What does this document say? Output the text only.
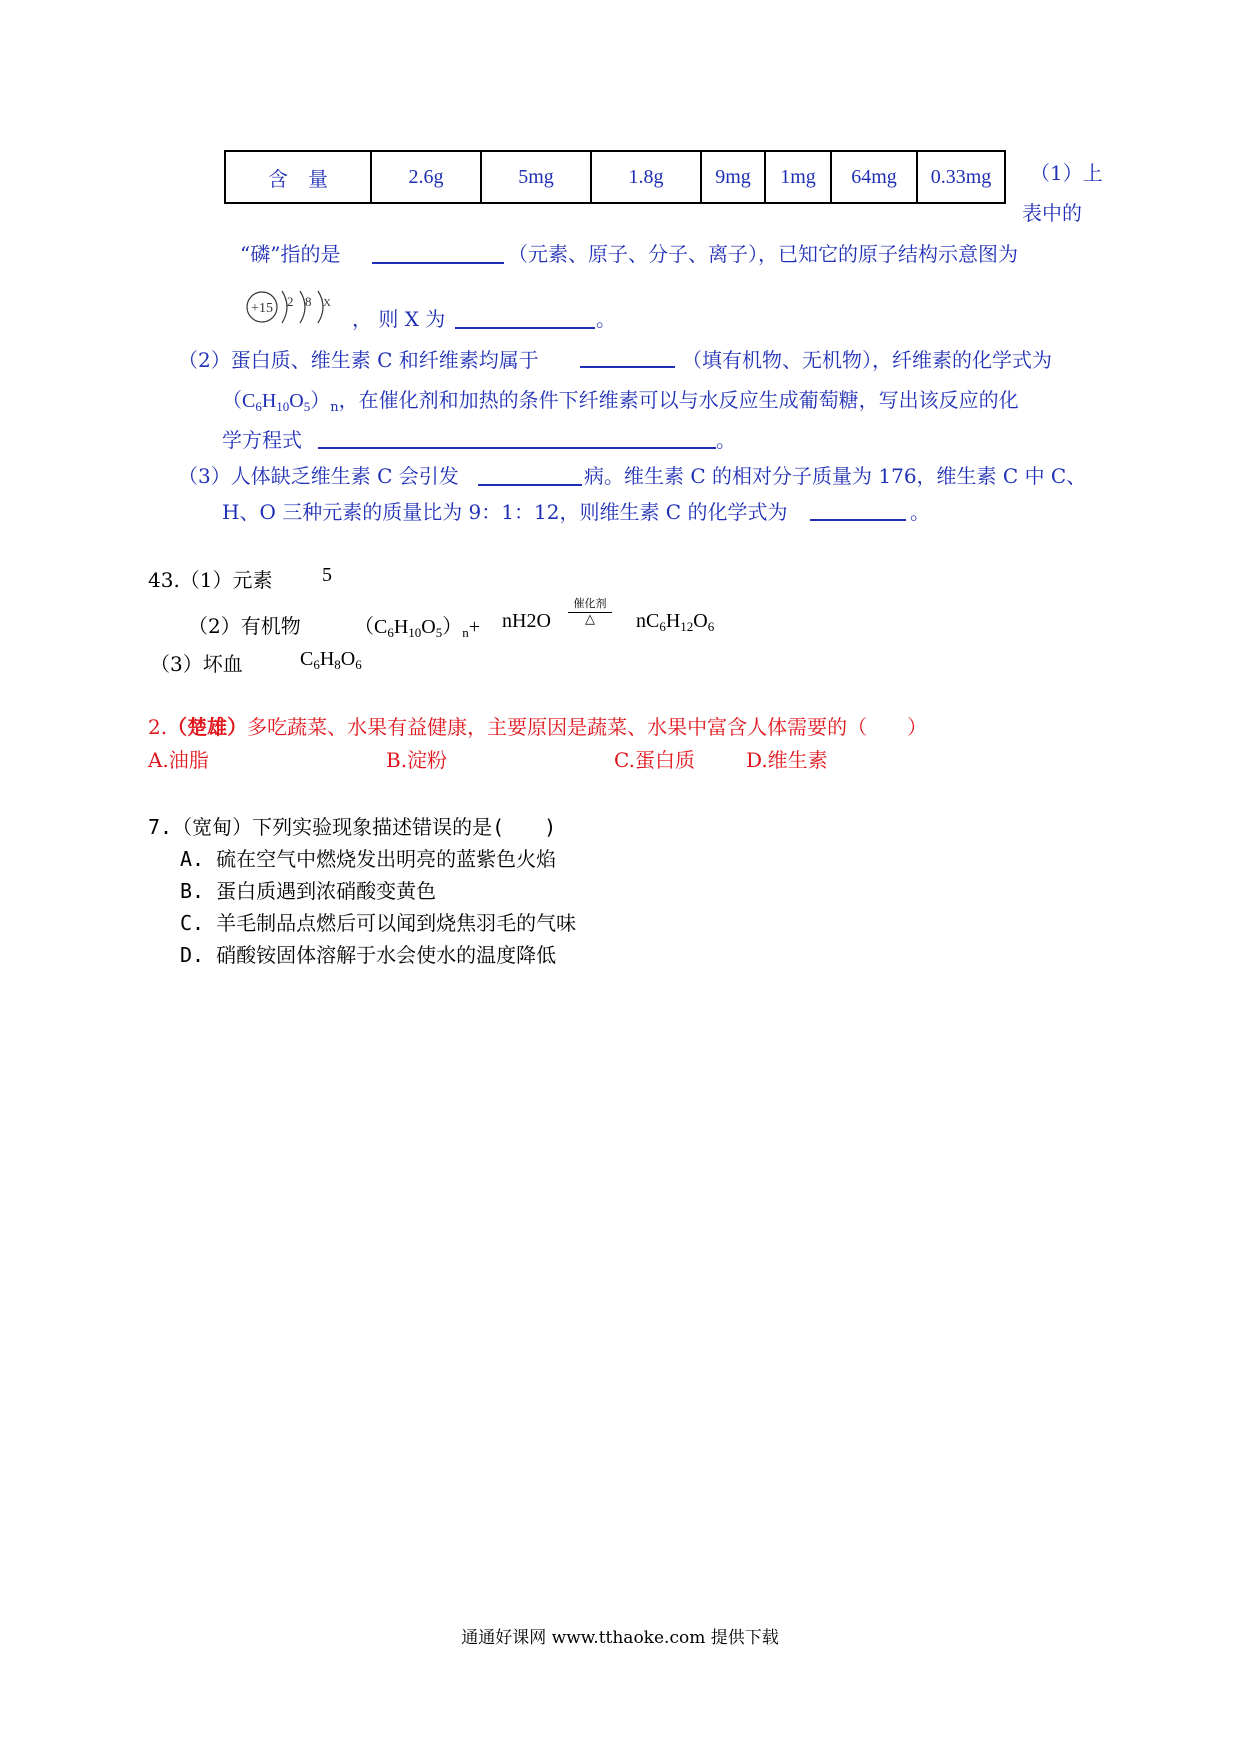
含　量	2.6g	5mg	1.8g	9mg	1mg	64mg	0.33mg （1）上
表中的
“磷”指的是	（元素、原子、分子、离子），已知它的原子结构示意图为
+15 2 8 X
， 则 X 为	。
（2）蛋白质、维生素 C 和纤维素均属于	（填有机物、无机物），纤维素的化学式为
$(C_6H_{10}O_5)_n$，在催化剂和加热的条件下纤维素可以与水反应生成葡萄糖，写出该反应的化
学方程式	。
（3）人体缺乏维生素 C 会引发	病。维生素 C 的相对分子质量为 176，维生素 C 中 C、
H、O 三种元素的质量比为 9：1：12，则维生素 C 的化学式为	。
43.（1）元素 5
（2）有机物	$(C_6H_{10}O_5)_n+ nH2O$
催化剂
△	$nC_6H_{12}O_6$
（3）坏血	$C_6H_8O_6$
2.（楚雄）多吃蔬菜、水果有益健康，主要原因是蔬菜、水果中富含人体需要的（　　）
A.油脂	B.淀粉	C.蛋白质	D.维生素
7.（宽甸）下列实验现象描述错误的是(　　)
A. 硫在空气中燃烧发出明亮的蓝紫色火焰
B. 蛋白质遇到浓硝酸变黄色
C. 羊毛制品点燃后可以闻到烧焦羽毛的气味
D. 硝酸铵固体溶解于水会使水的温度降低
通通好课网 www.tthaoke.com 提供下载
